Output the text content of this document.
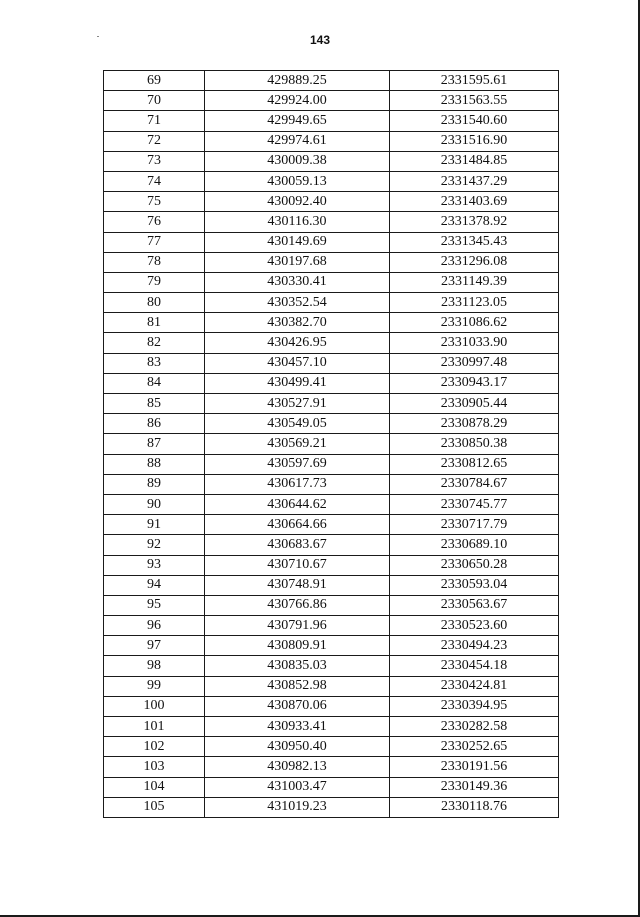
143
69	429889.25	2331595.61
70	429924.00	2331563.55
71	429949.65	2331540.60
72	429974.61	2331516.90
73	430009.38	2331484.85
74	430059.13	2331437.29
75	430092.40	2331403.69
76	430116.30	2331378.92
77	430149.69	2331345.43
78	430197.68	2331296.08
79	430330.41	2331149.39
80	430352.54	2331123.05
81	430382.70	2331086.62
82	430426.95	2331033.90
83	430457.10	2330997.48
84	430499.41	2330943.17
85	430527.91	2330905.44
86	430549.05	2330878.29
87	430569.21	2330850.38
88	430597.69	2330812.65
89	430617.73	2330784.67
90	430644.62	2330745.77
91	430664.66	2330717.79
92	430683.67	2330689.10
93	430710.67	2330650.28
94	430748.91	2330593.04
95	430766.86	2330563.67
96	430791.96	2330523.60
97	430809.91	2330494.23
98	430835.03	2330454.18
99	430852.98	2330424.81
100	430870.06	2330394.95
101	430933.41	2330282.58
102	430950.40	2330252.65
103	430982.13	2330191.56
104	431003.47	2330149.36
105	431019.23	2330118.76
